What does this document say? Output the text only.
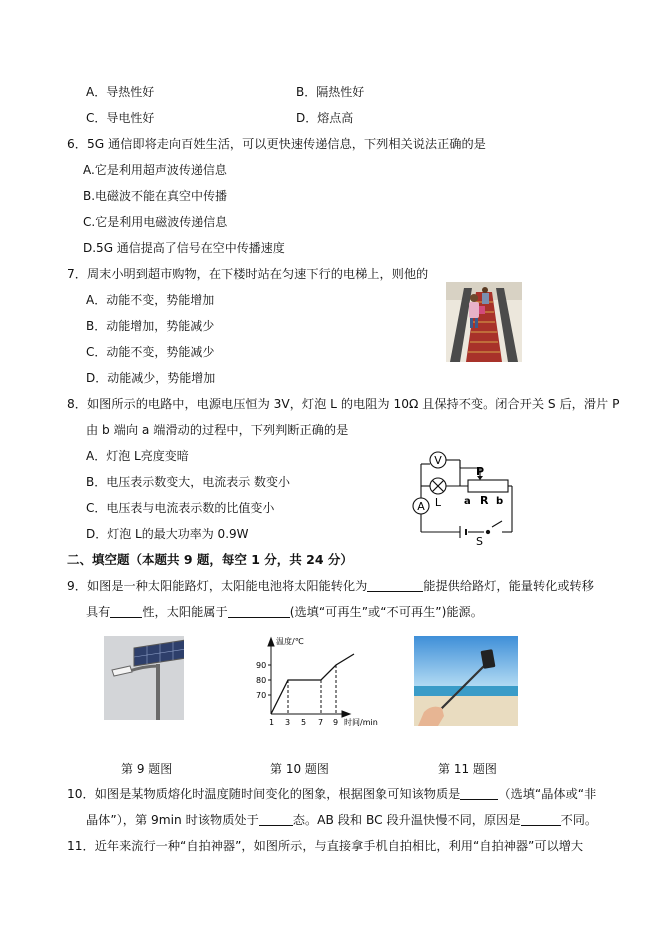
A．导热性好	B．隔热性好
C．导电性好	D．熔点高
6．5G 通信即将走向百姓生活，可以更快速传递信息，下列相关说法正确的是
A.它是利用超声波传递信息
B.电磁波不能在真空中传播
C.它是利用电磁波传递信息
D.5G 通信提高了信号在空中传播速度
7．周末小明到超市购物，在下楼时站在匀速下行的电梯上，则他的
A．动能不变，势能增加
B．动能增加，势能减少
C．动能不变，势能减少
D．动能减少，势能增加
8．如图所示的电路中，电源电压恒为 3V，灯泡 L 的电阻为 10Ω 且保持不变。闭合开关 S 后，滑片 P
由 b 端向 a 端滑动的过程中，下列判断正确的是
A．灯泡 L亮度变暗
B．电压表示数变大，电流表示 数变小
C．电压表与电流表示数的比值变小
D．灯泡 L的最大功率为 0.9W
V
A L
P
a R b
S
二、填空题（本题共 9 题，每空 1 分，共 24 分）
9．如图是一种太阳能路灯，太阳能电池将太阳能转化为	能提供给路灯，能量转化或转移
具有	性，太阳能属于	(选填“可再生”或“不可再生”)能源。
温度/℃
90
80
70
1 3 5 7 9 时间/min
第 9 题图	第 10 题图	第 11 题图
10．如图是某物质熔化时温度随时间变化的图象，根据图象可知该物质是	（选填“晶体或“非
晶体”），第 9min 时该物质处于	态。AB 段和 BC 段升温快慢不同，原因是	不同。
11．近年来流行一种“自拍神器”，如图所示，与直接拿手机自拍相比，利用“自拍神器”可以增大
